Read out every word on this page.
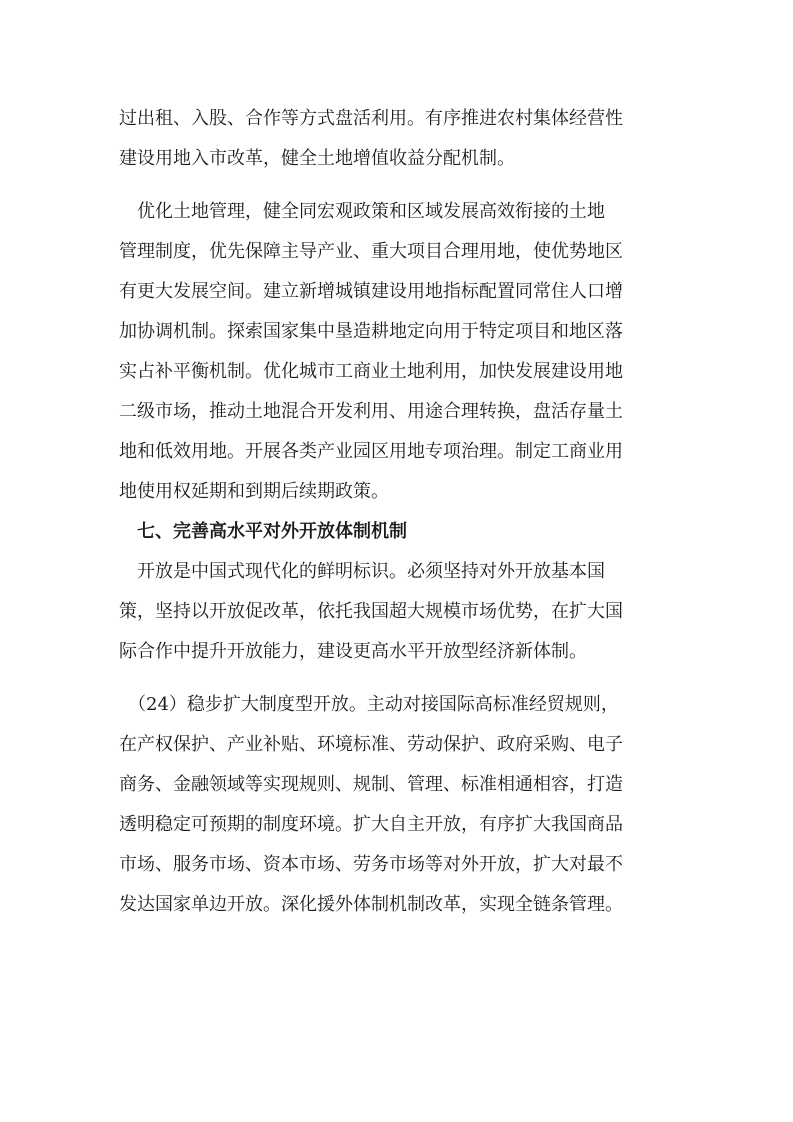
过出租、入股、合作等方式盘活利用。有序推进农村集体经营性
建设用地入市改革，健全土地增值收益分配机制。
　优化土地管理，健全同宏观政策和区域发展高效衔接的土地
管理制度，优先保障主导产业、重大项目合理用地，使优势地区
有更大发展空间。建立新增城镇建设用地指标配置同常住人口增
加协调机制。探索国家集中垦造耕地定向用于特定项目和地区落
实占补平衡机制。优化城市工商业土地利用，加快发展建设用地
二级市场，推动土地混合开发利用、用途合理转换，盘活存量土
地和低效用地。开展各类产业园区用地专项治理。制定工商业用
地使用权延期和到期后续期政策。
　七、完善高水平对外开放体制机制
　开放是中国式现代化的鲜明标识。必须坚持对外开放基本国
策，坚持以开放促改革，依托我国超大规模市场优势，在扩大国
际合作中提升开放能力，建设更高水平开放型经济新体制。
　（24）稳步扩大制度型开放。主动对接国际高标准经贸规则，
在产权保护、产业补贴、环境标准、劳动保护、政府采购、电子
商务、金融领域等实现规则、规制、管理、标准相通相容，打造
透明稳定可预期的制度环境。扩大自主开放，有序扩大我国商品
市场、服务市场、资本市场、劳务市场等对外开放，扩大对最不
发达国家单边开放。深化援外体制机制改革，实现全链条管理。
